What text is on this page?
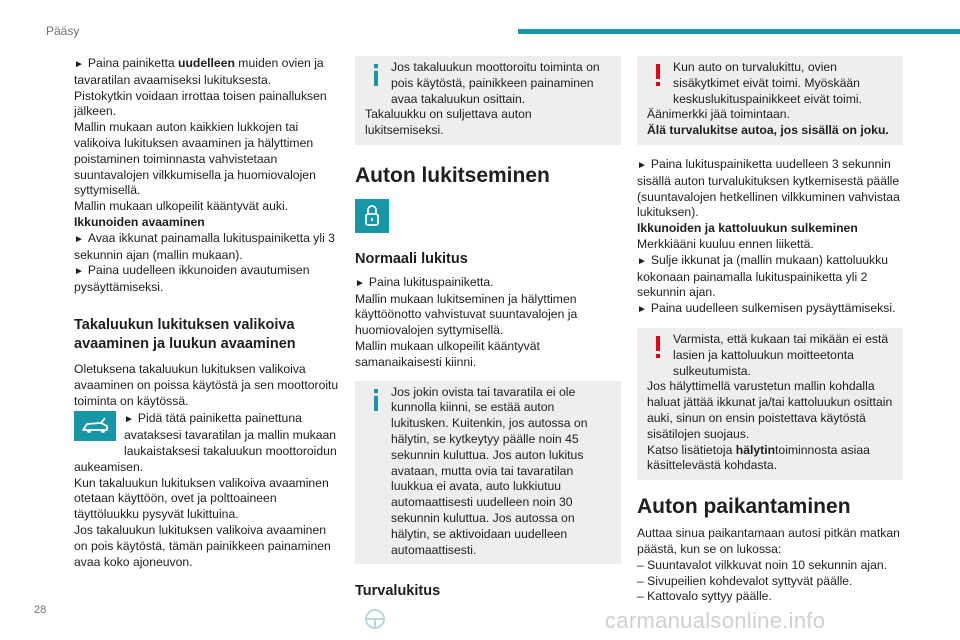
Pääsy

► Paina painiketta uudelleen muiden ovien ja tavaratilan avaamiseksi lukituksesta.

Pistokytkin voidaan irrottaa toisen painalluksen jälkeen.

Mallin mukaan auton kaikkien lukkojen tai valikoiva lukituksen avaaminen ja hälyttimen poistaminen toiminnasta vahvistetaan suuntavalojen vilkkumisella ja huomiovalojen syttymisellä.

Mallin mukaan ulkopeilit kääntyvät auki.

Ikkunoiden avaaminen

► Avaa ikkunat painamalla lukituspainiketta yli 3 sekunnin ajan (mallin mukaan).

► Paina uudelleen ikkunoiden avautumisen pysäyttämiseksi.

Takaluukun lukituksen valikoiva avaaminen ja luukun avaaminen

Oletuksena takaluukun lukituksen valikoiva avaaminen on poissa käytöstä ja sen moottoroitu toiminta on käytössä.

► Pidä tätä painiketta painettuna avataksesi tavaratilan ja mallin mukaan laukaistaksesi takaluukun moottoroidun aukeamisen.

Kun takaluukun lukituksen valikoiva avaaminen otetaan käyttöön, ovet ja polttoaineen täyttöluukku pysyvät lukittuina.

Jos takaluukun lukituksen valikoiva avaaminen on pois käytöstä, tämän painikkeen painaminen avaa koko ajoneuvon.

Jos takaluukun moottoroitu toiminta on pois käytöstä, painikkeen painaminen avaa takaluukun osittain.

Takaluukku on suljettava auton lukitsemiseksi.

Auton lukitseminen
Normaali lukitus

► Paina lukituspainiketta.

Mallin mukaan lukitseminen ja hälyttimen käyttöönotto vahvistuvat suuntavalojen ja huomiovalojen syttymisellä.

Mallin mukaan ulkopeilit kääntyvät samanaikaisesti kiinni.

Jos jokin ovista tai tavaratila ei ole kunnolla kiinni, se estää auton lukitusken. Kuitenkin, jos autossa on hälytin, se kytkeytyy päälle noin 45 sekunnin kuluttua. Jos auton lukitus avataan, mutta ovia tai tavaratilan luukkua ei avata, auto lukkiutuu automaattisesti uudelleen noin 30 sekunnin kuluttua. Jos autossa on hälytin, se aktivoidaan uudelleen automaattisesti.

Turvalukitus

Kun auto on turvalukittu, ovien sisäkytkimet eivät toimi. Myöskään keskuslukituspainikkeet eivät toimi.

Äänimerkki jää toimintaan.

Älä turvalukitse autoa, jos sisällä on joku.

► Paina lukituspainiketta uudelleen 3 sekunnin sisällä auton turvalukituksen kytkemisestä päälle (suuntavalojen hetkellinen vilkkuminen vahvistaa lukituksen).

Ikkunoiden ja kattoluukun sulkeminen

Merkkiääni kuuluu ennen liikettä.

► Sulje ikkunat ja (mallin mukaan) kattoluukku kokonaan painamalla lukituspainiketta yli 2 sekunnin ajan.

► Paina uudelleen sulkemisen pysäyttämiseksi.

Varmista, että kukaan tai mikään ei estä lasien ja kattoluukun moitteetonta sulkeutumista.

Jos hälyttimellä varustetun mallin kohdalla haluat jättää ikkunat ja/tai kattoluukun osittain auki, sinun on ensin poistettava käytöstä sisätilojen suojaus.

Katso lisätietoja hälytintoiminnosta asiaa käsittelevästä kohdasta.

Auton paikantaminen

Auttaa sinua paikantamaan autosi pitkän matkan päästä, kun se on lukossa:

– Suuntavalot vilkkuvat noin 10 sekunnin ajan.

– Sivupeilien kohdevalot syttyvät päälle.

– Kattovalo syttyy päälle.

28	carmanualsonline.info
